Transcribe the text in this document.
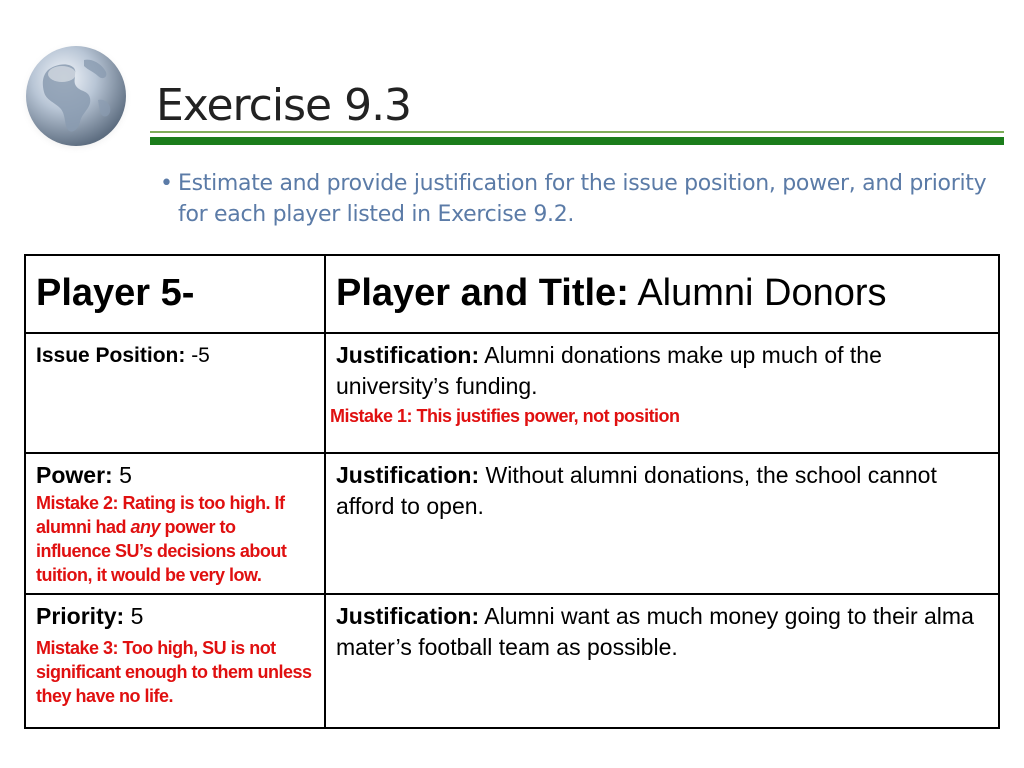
Exercise 9.3
• Estimate and provide justification for the issue position, power, and priority for each player listed in Exercise 9.2.
Player 5-	Player and Title: Alumni Donors

Issue Position: -5	Justification: Alumni donations make up much of the university’s funding.
Mistake 1: This justifies power, not position

Power: 5
Mistake 2: Rating is too high. If alumni had any power to influence SU’s decisions about tuition, it would be very low.	Justification: Without alumni donations, the school cannot afford to open.

Priority: 5
Mistake 3: Too high, SU is not significant enough to them unless they have no life.	Justification: Alumni want as much money going to their alma mater’s football team as possible.
